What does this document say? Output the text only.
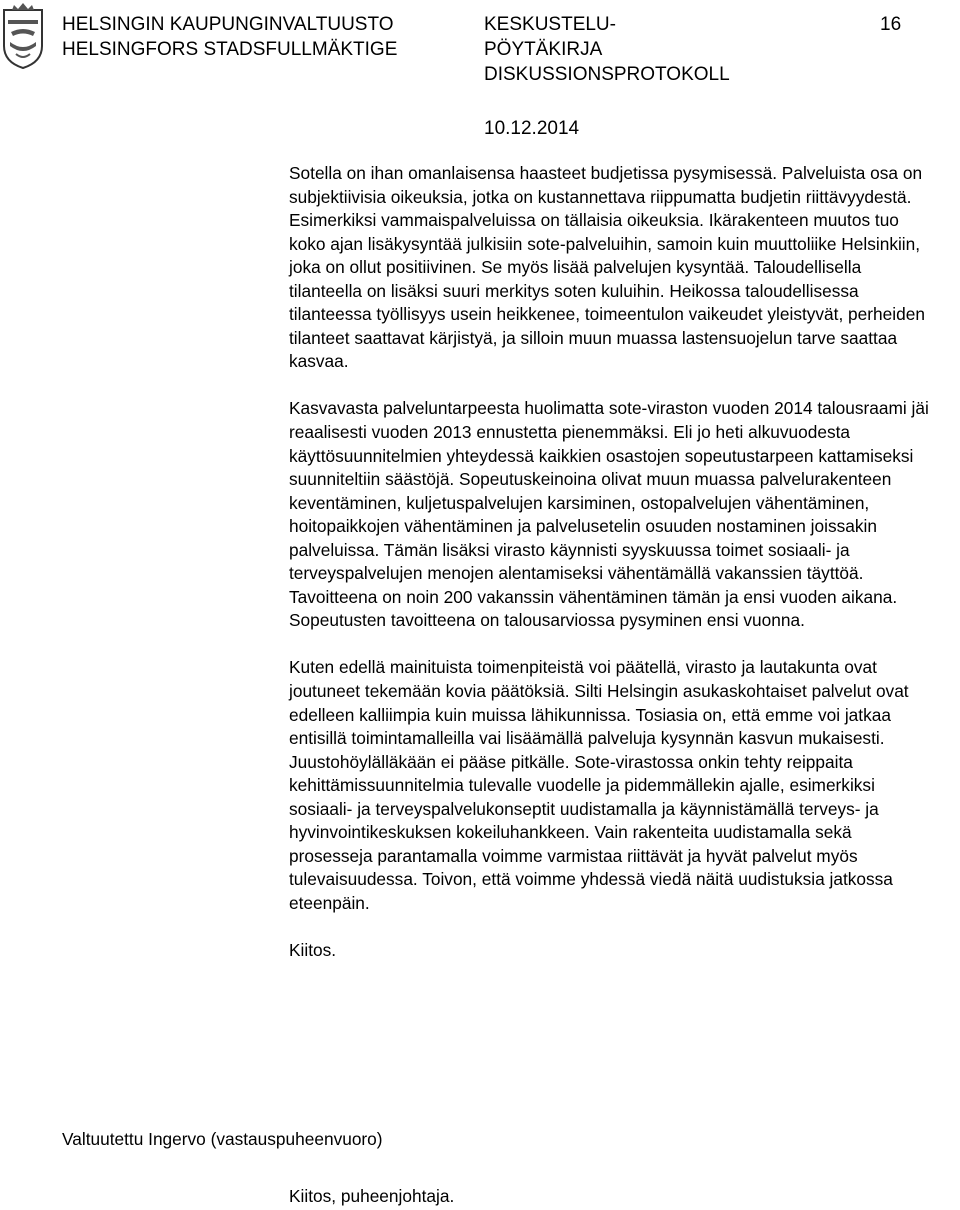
HELSINGIN KAUPUNGINVALTUUSTO
HELSINGFORS STADSFULLMÄKTIGE
KESKUSTELU-
PÖYTÄKIRJA
DISKUSSIONSPROTOKOLL
16
10.12.2014

Sotella on ihan omanlaisensa haasteet budjetissa pysymisessä. Palveluista osa on subjektiivisia oikeuksia, jotka on kustannettava riippumatta budjetin riittävyydestä. Esimerkiksi vammaispalveluissa on tällaisia oikeuksia. Ikärakenteen muutos tuo koko ajan lisäkysyntää julkisiin sote-palveluihin, samoin kuin muuttoliike Helsinkiin, joka on ollut positiivinen. Se myös lisää palvelujen kysyntää. Taloudellisella tilanteella on lisäksi suuri merkitys soten kuluihin. Heikossa taloudellisessa tilanteessa työllisyys usein heikkenee, toimeentulon vaikeudet yleistyvät, perheiden tilanteet saattavat kärjistyä, ja silloin muun muassa lastensuojelun tarve saattaa kasvaa.

Kasvavasta palveluntarpeesta huolimatta sote-viraston vuoden 2014 talousraami jäi reaalisesti vuoden 2013 ennustetta pienemmäksi. Eli jo heti alkuvuodesta käyttösuunnitelmien yhteydessä kaikkien osastojen sopeutustarpeen kattamiseksi suunniteltiin säästöjä. Sopeutuskeinoina olivat muun muassa palvelurakenteen keventäminen, kuljetuspalvelujen karsiminen, ostopalvelujen vähentäminen, hoitopaikkojen vähentäminen ja palvelusetelin osuuden nostaminen joissakin palveluissa. Tämän lisäksi virasto käynnisti syyskuussa toimet sosiaali- ja terveyspalvelujen menojen alentamiseksi vähentämällä vakanssien täyttöä. Tavoitteena on noin 200 vakanssin vähentäminen tämän ja ensi vuoden aikana. Sopeutusten tavoitteena on talousarviossa pysyminen ensi vuonna.

Kuten edellä mainituista toimenpiteistä voi päätellä, virasto ja lautakunta ovat joutuneet tekemään kovia päätöksiä. Silti Helsingin asukaskohtaiset palvelut ovat edelleen kalliimpia kuin muissa lähikunnissa. Tosiasia on, että emme voi jatkaa entisillä toimintamalleilla vai lisäämällä palveluja kysynnän kasvun mukaisesti. Juustohöylälläkään ei pääse pitkälle. Sote-virastossa onkin tehty reippaita kehittämissuunnitelmia tulevalle vuodelle ja pidemmällekin ajalle, esimerkiksi sosiaali- ja terveyspalvelukonseptit uudistamalla ja käynnistämällä terveys- ja hyvinvointikeskuksen kokeiluhankkeen. Vain rakenteita uudistamalla sekä prosesseja parantamalla voimme varmistaa riittävät ja hyvät palvelut myös tulevaisuudessa. Toivon, että voimme yhdessä viedä näitä uudistuksia jatkossa eteenpäin.

Kiitos.

Valtuutettu Ingervo (vastauspuheenvuoro)
Kiitos, puheenjohtaja.
